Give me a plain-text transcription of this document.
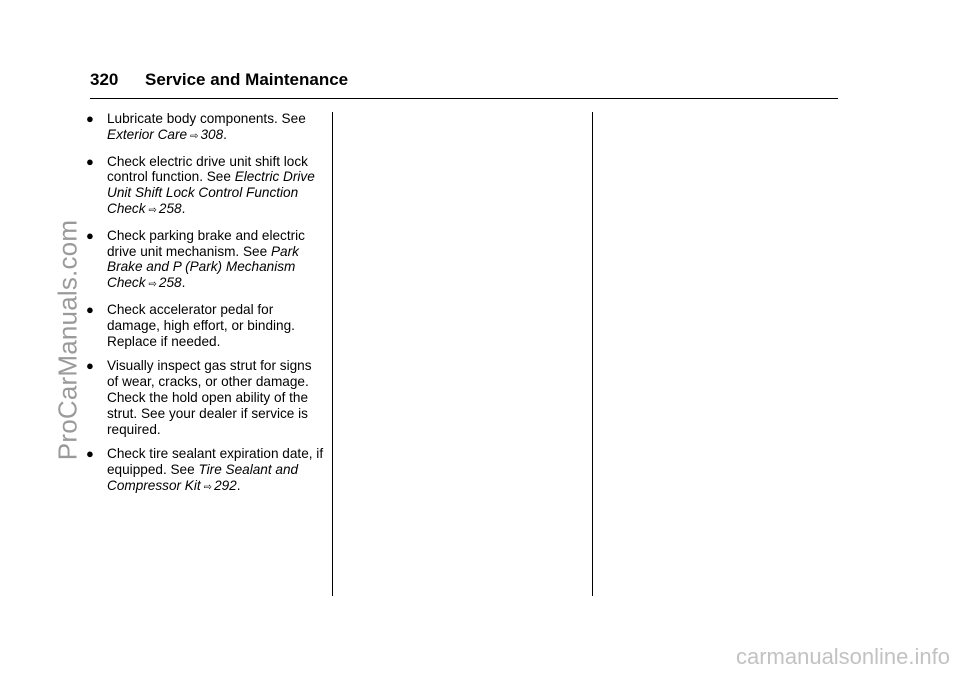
320	Service and Maintenance
● Lubricate body components. See Exterior Care ⇨ 308.
● Check electric drive unit shift lock control function. See Electric Drive Unit Shift Lock Control Function Check ⇨ 258.
● Check parking brake and electric drive unit mechanism. See Park Brake and P (Park) Mechanism Check ⇨ 258.
● Check accelerator pedal for damage, high effort, or binding. Replace if needed.
● Visually inspect gas strut for signs of wear, cracks, or other damage. Check the hold open ability of the strut. See your dealer if service is required.
● Check tire sealant expiration date, if equipped. See Tire Sealant and Compressor Kit ⇨ 292.
ProCarManuals.com
carmanualsonline.info
